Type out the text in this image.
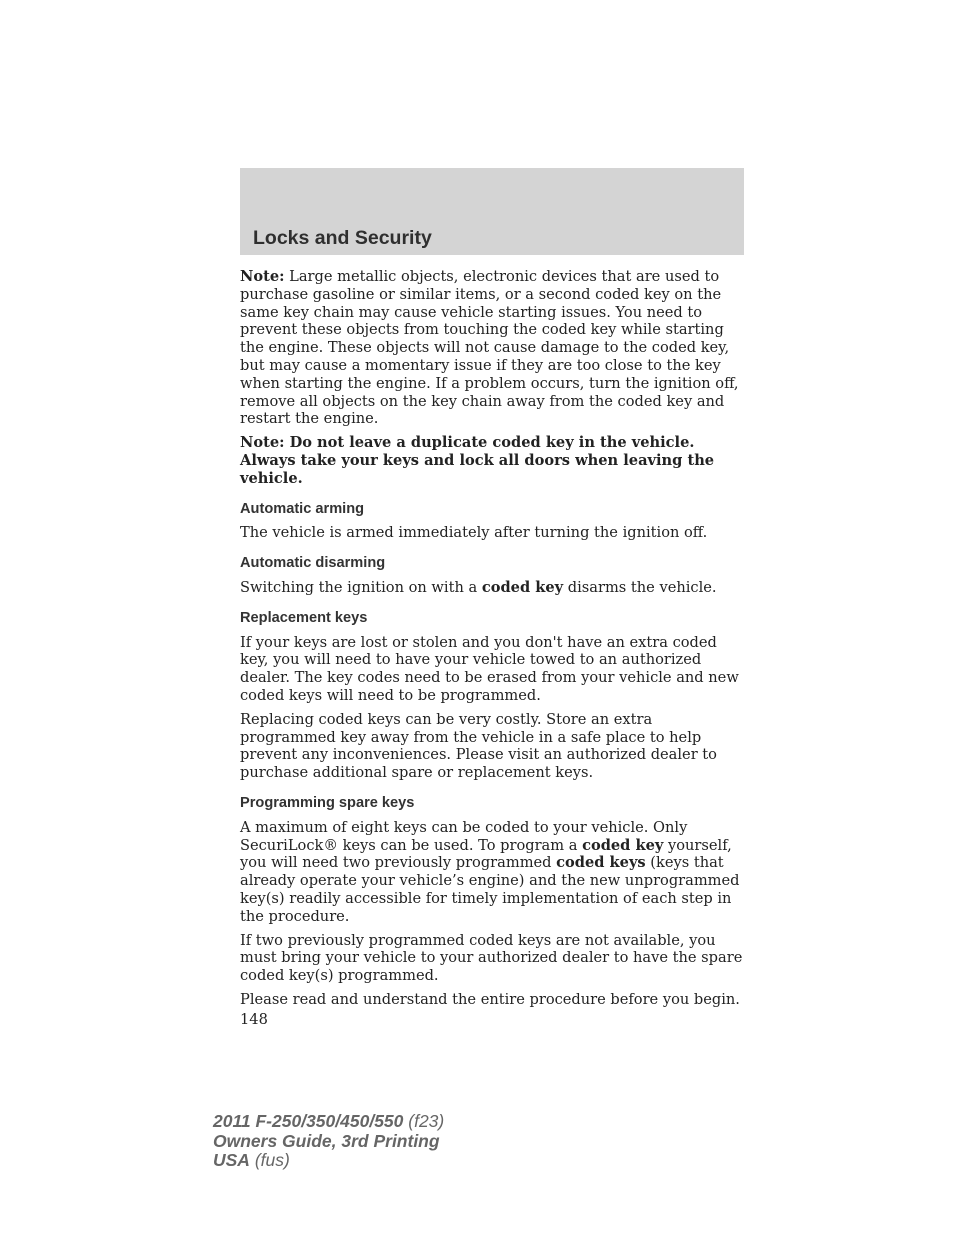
Locks and Security

Note: Large metallic objects, electronic devices that are used to purchase gasoline or similar items, or a second coded key on the same key chain may cause vehicle starting issues. You need to prevent these objects from touching the coded key while starting the engine. These objects will not cause damage to the coded key, but may cause a momentary issue if they are too close to the key when starting the engine. If a problem occurs, turn the ignition off, remove all objects on the key chain away from the coded key and restart the engine.

Note: Do not leave a duplicate coded key in the vehicle. Always take your keys and lock all doors when leaving the vehicle.

Automatic arming

The vehicle is armed immediately after turning the ignition off.

Automatic disarming

Switching the ignition on with a coded key disarms the vehicle.

Replacement keys

If your keys are lost or stolen and you don't have an extra coded key, you will need to have your vehicle towed to an authorized dealer. The key codes need to be erased from your vehicle and new coded keys will need to be programmed.

Replacing coded keys can be very costly. Store an extra programmed key away from the vehicle in a safe place to help prevent any inconveniences. Please visit an authorized dealer to purchase additional spare or replacement keys.

Programming spare keys

A maximum of eight keys can be coded to your vehicle. Only SecuriLock® keys can be used. To program a coded key yourself, you will need two previously programmed coded keys (keys that already operate your vehicle’s engine) and the new unprogrammed key(s) readily accessible for timely implementation of each step in the procedure.

If two previously programmed coded keys are not available, you must bring your vehicle to your authorized dealer to have the spare coded key(s) programmed.

Please read and understand the entire procedure before you begin.

148
2011 F-250/350/450/550 (f23)
Owners Guide, 3rd Printing
USA (fus)
